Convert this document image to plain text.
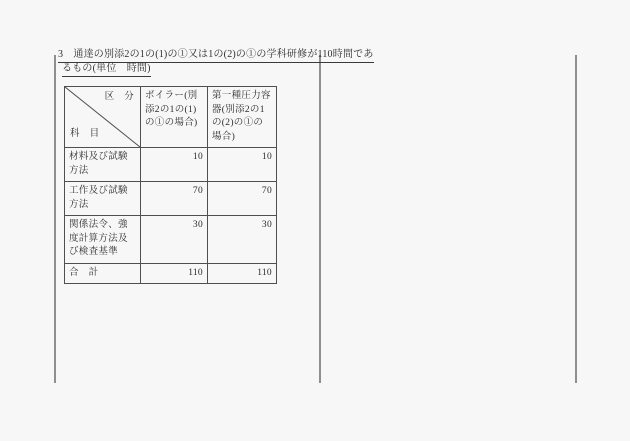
3　通達の別添2の1の(1)の①又は1の(2)の①の学科研修が110時間であ
るもの(単位　時間)
区　分
科　目	ボイラー(別添2の1の(1)の①の場合)	第一種圧力容器(別添2の1の(2)の①の場合)
材料及び試験方法	10	10
工作及び試験方法	70	70
関係法令、強度計算方法及び検査基準	30	30
合　計	110	110
